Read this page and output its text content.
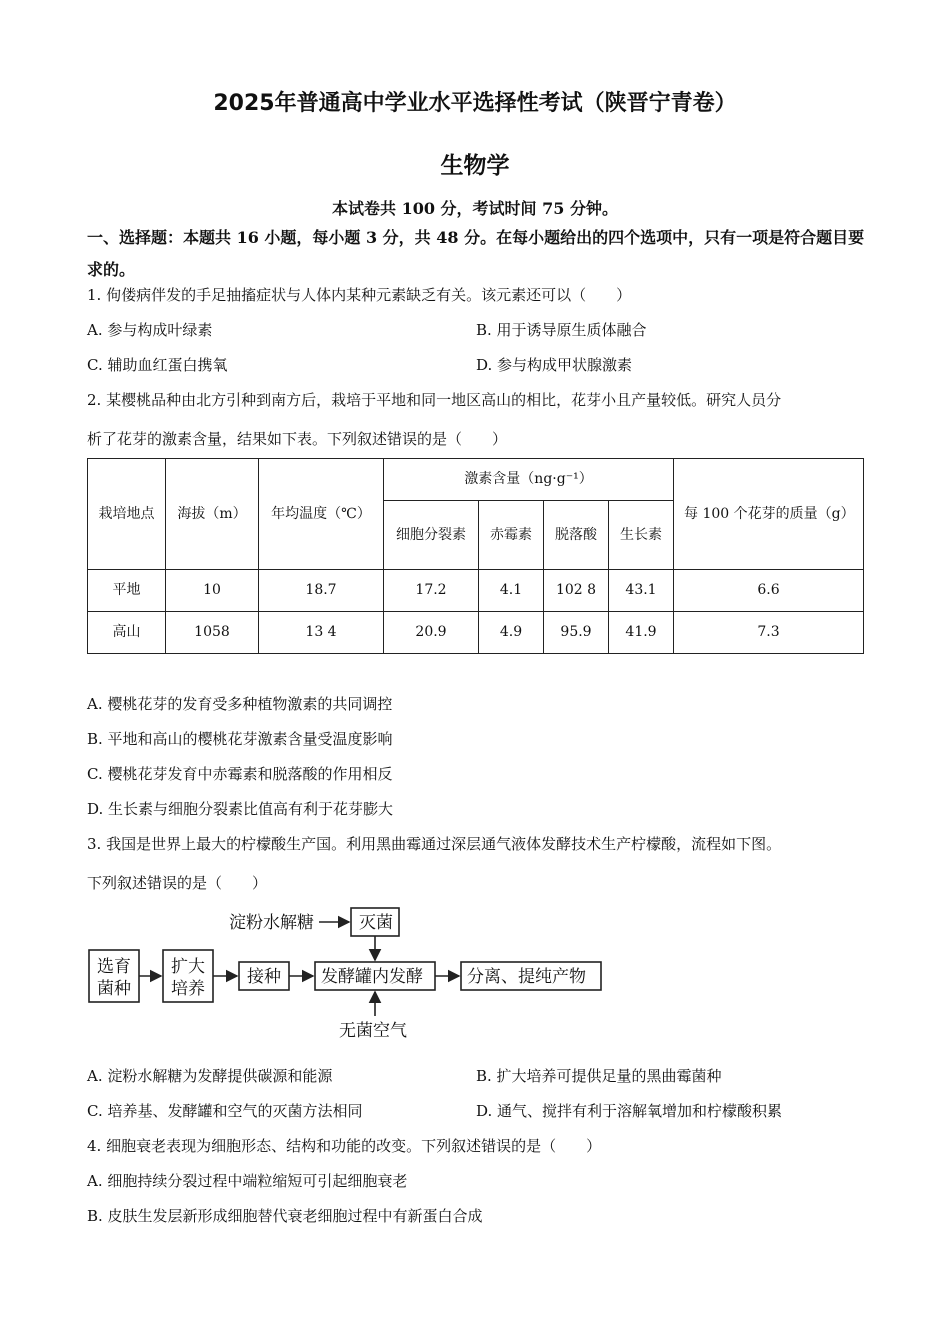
2025年普通高中学业水平选择性考试（陕晋宁青卷）
生物学
本试卷共 100 分，考试时间 75 分钟。
一、选择题：本题共 16 小题，每小题 3 分，共 48 分。在每小题给出的四个选项中，只有一项是符合题目要求的。
1. 佝偻病伴发的手足抽搐症状与人体内某种元素缺乏有关。该元素还可以（　　）
A. 参与构成叶绿素	B. 用于诱导原生质体融合
C. 辅助血红蛋白携氧	D. 参与构成甲状腺激素
2. 某樱桃品种由北方引种到南方后，栽培于平地和同一地区高山的相比，花芽小且产量较低。研究人员分
析了花芽的激素含量，结果如下表。下列叙述错误的是（　　）
栽培地点	海拔（m）	年均温度（℃）	激素含量（ng·g⁻¹）				每 100 个花芽的质量（g）
			细胞分裂素	赤霉素	脱落酸	生长素	
平地	10	18.7	17.2	4.1	102 8	43.1	6.6
高山	1058	13 4	20.9	4.9	95.9	41.9	7.3
A. 樱桃花芽的发育受多种植物激素的共同调控
B. 平地和高山的樱桃花芽激素含量受温度影响
C. 樱桃花芽发育中赤霉素和脱落酸的作用相反
D. 生长素与细胞分裂素比值高有利于花芽膨大
3. 我国是世界上最大的柠檬酸生产国。利用黑曲霉通过深层通气液体发酵技术生产柠檬酸，流程如下图。
下列叙述错误的是（　　）
淀粉水解糖	灭菌
选育
菌种
扩大
培养
接种 发酵罐内发酵	分离、提纯产物
无菌空气
A. 淀粉水解糖为发酵提供碳源和能源	B. 扩大培养可提供足量的黑曲霉菌种
C. 培养基、发酵罐和空气的灭菌方法相同	D. 通气、搅拌有利于溶解氧增加和柠檬酸积累
4. 细胞衰老表现为细胞形态、结构和功能的改变。下列叙述错误的是（　　）
A. 细胞持续分裂过程中端粒缩短可引起细胞衰老
B. 皮肤生发层新形成细胞替代衰老细胞过程中有新蛋白合成
